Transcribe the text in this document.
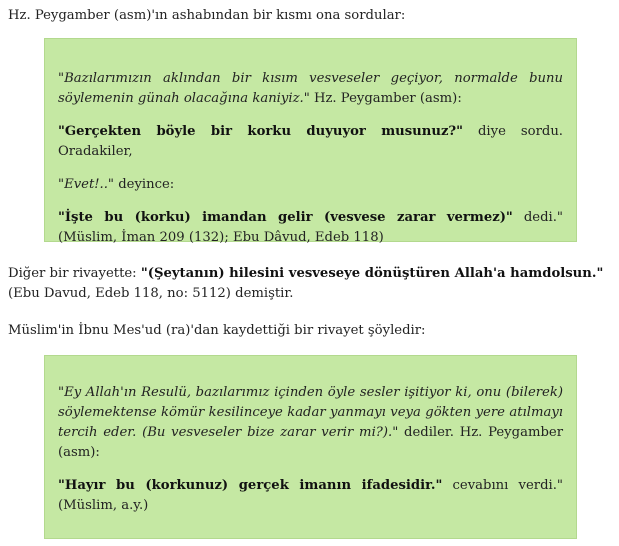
Hz. Peygamber (asm)'ın ashabından bir kısmı ona sordular:

"Bazılarımızın aklından bir kısım vesveseler geçiyor, normalde bunu söylemenin günah olacağına kaniyiz." Hz. Peygamber (asm):

"Gerçekten böyle bir korku duyuyor musunuz?" diye sordu. Oradakiler,

"Evet!.." deyince:

"İşte bu (korku) imandan gelir (vesvese zarar vermez)" dedi." (Müslim, İman 209 (132); Ebu Dâvud, Edeb 118)

Diğer bir rivayette: "(Şeytanın) hilesini vesveseye dönüştüren Allah'a hamdolsun." (Ebu Davud, Edeb 118, no: 5112) demiştir.

Müslim'in İbnu Mes'ud (ra)'dan kaydettiği bir rivayet şöyledir:

"Ey Allah'ın Resulü, bazılarımız içinden öyle sesler işitiyor ki, onu (bilerek) söylemektense kömür kesilinceye kadar yanmayı veya gökten yere atılmayı tercih eder. (Bu vesveseler bize zarar verir mi?)." dediler. Hz. Peygamber (asm):

"Hayır bu (korkunuz) gerçek imanın ifadesidir." cevabını verdi." (Müslim, a.y.)
